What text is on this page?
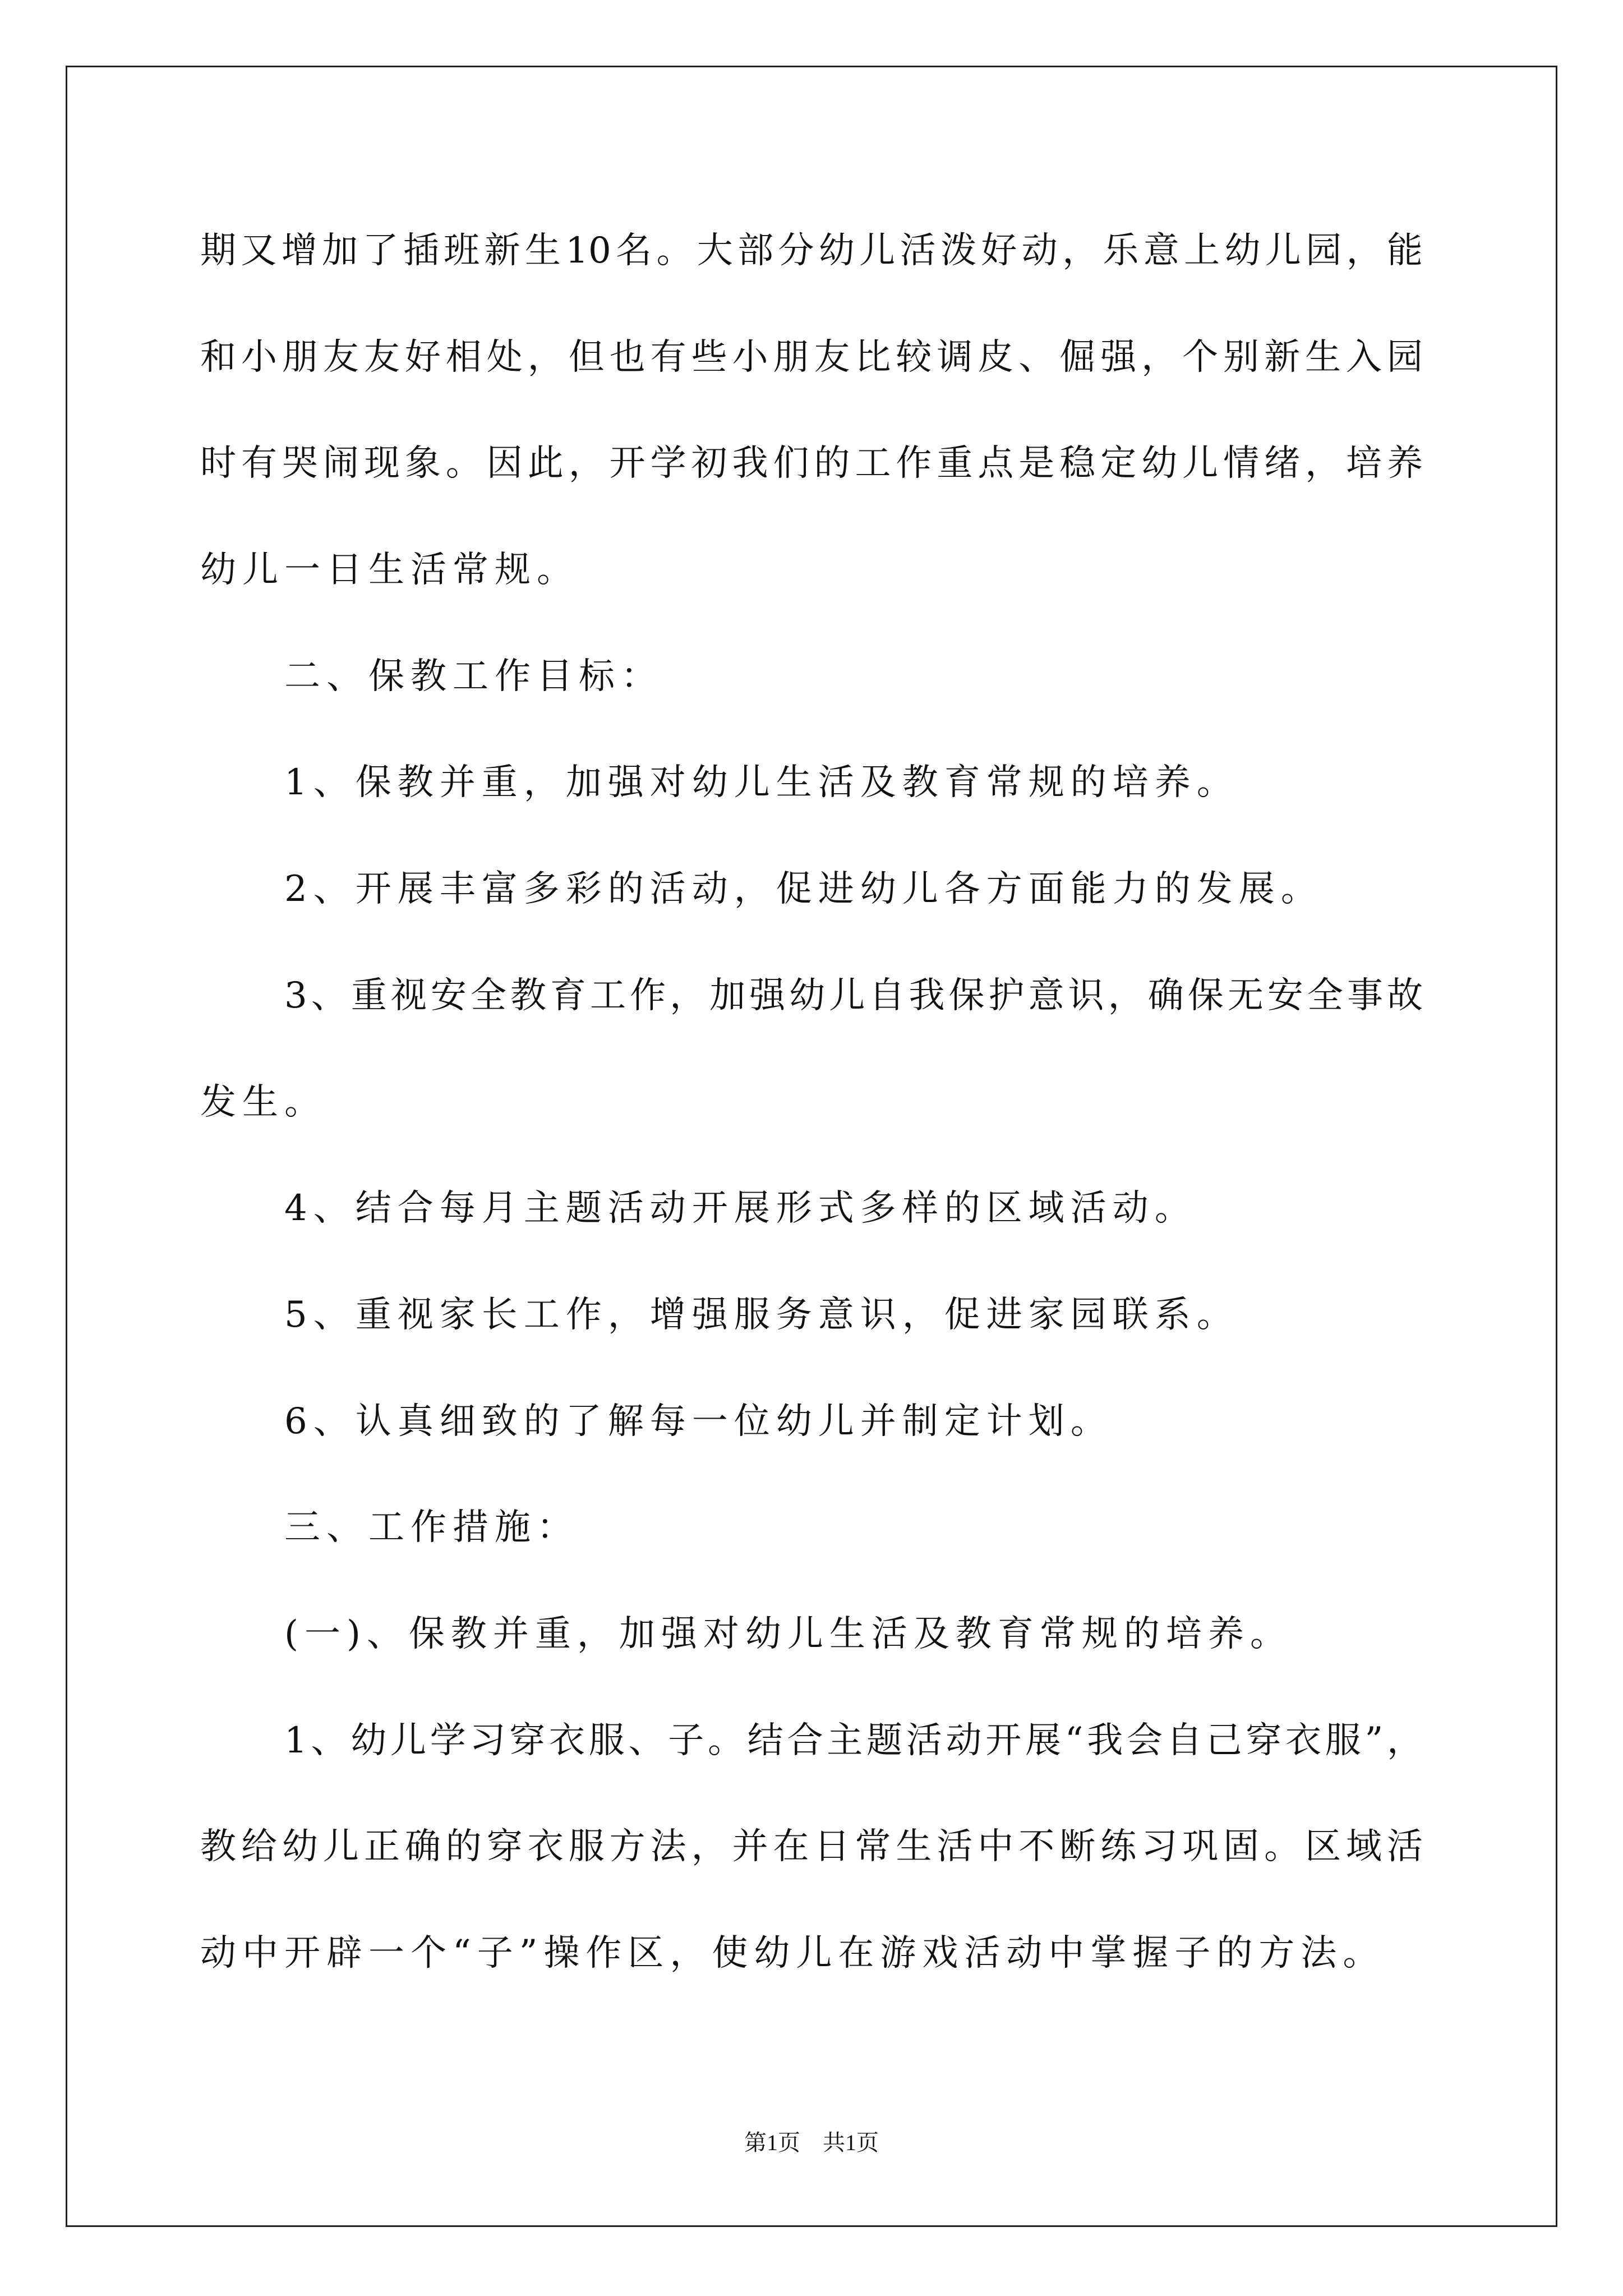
期又增加了插班新生10名。大部分幼儿活泼好动，乐意上幼儿园，能
和小朋友友好相处，但也有些小朋友比较调皮、倔强，个别新生入园
时有哭闹现象。因此，开学初我们的工作重点是稳定幼儿情绪，培养
幼儿一日生活常规。
二、保教工作目标：
1、保教并重，加强对幼儿生活及教育常规的培养。
2、开展丰富多彩的活动，促进幼儿各方面能力的发展。
3、重视安全教育工作，加强幼儿自我保护意识，确保无安全事故
发生。
4、结合每月主题活动开展形式多样的区域活动。
5、重视家长工作，增强服务意识，促进家园联系。
6、认真细致的了解每一位幼儿并制定计划。
三、工作措施：
(一)、保教并重，加强对幼儿生活及教育常规的培养。
1、幼儿学习穿衣服、子。结合主题活动开展“我会自己穿衣服”，
教给幼儿正确的穿衣服方法，并在日常生活中不断练习巩固。区域活
动中开辟一个“子”操作区，使幼儿在游戏活动中掌握子的方法。
第1页 共1页
